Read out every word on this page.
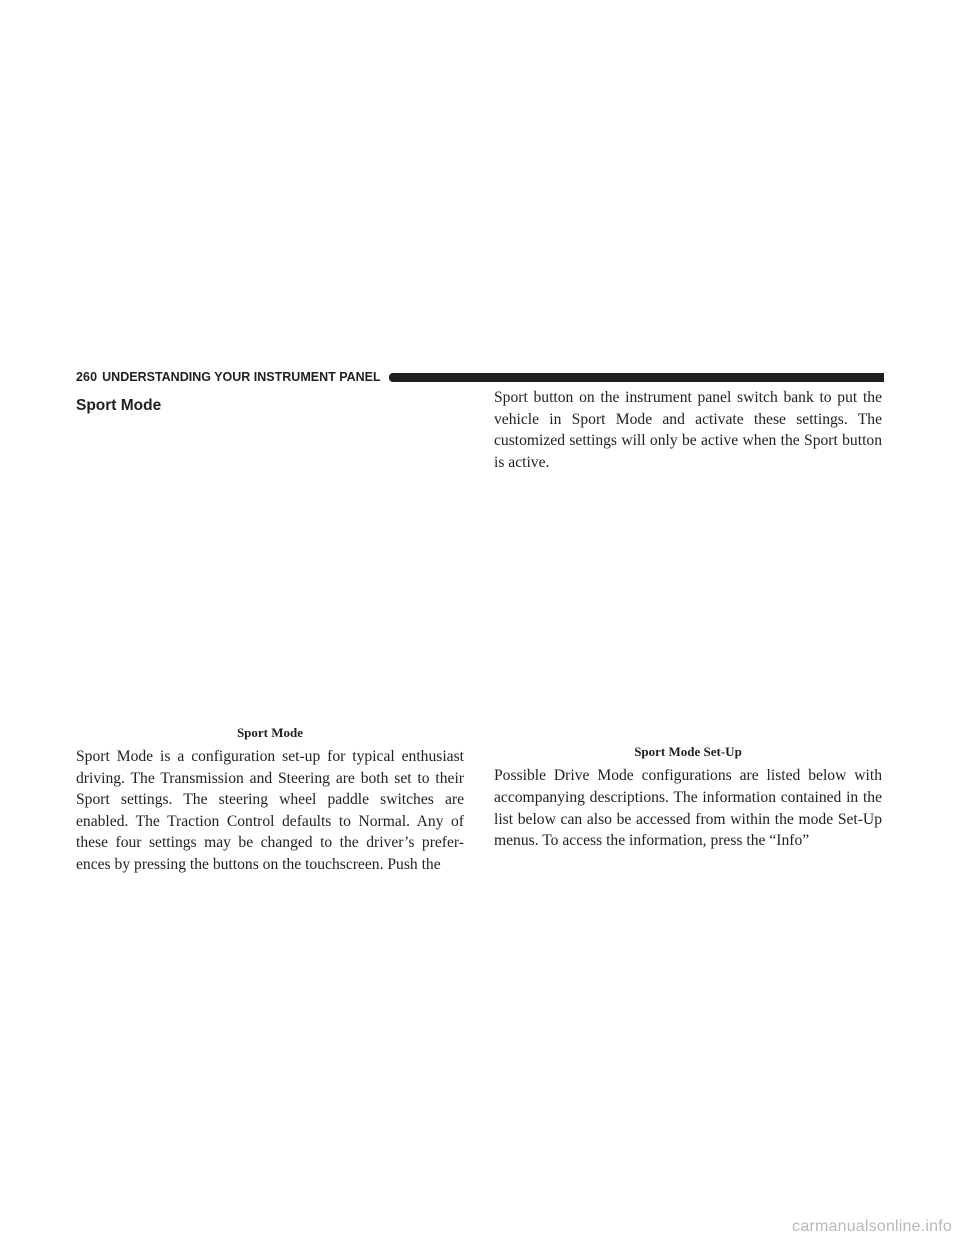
260 UNDERSTANDING YOUR INSTRUMENT PANEL
Sport Mode
Sport Mode

Sport Mode is a configuration set-up for typical enthusiast driving. The Transmission and Steering are both set to their Sport settings. The steering wheel paddle switches are enabled. The Traction Control defaults to Normal. Any of these four settings may be changed to the driver’s prefer- ences by pressing the buttons on the touchscreen. Push the

Sport button on the instrument panel switch bank to put the vehicle in Sport Mode and activate these settings. The customized settings will only be active when the Sport button is active.

Sport Mode Set-Up

Possible Drive Mode configurations are listed below with accompanying descriptions. The information contained in the list below can also be accessed from within the mode Set-Up menus. To access the information, press the “Info”

carmanualsonline.info
